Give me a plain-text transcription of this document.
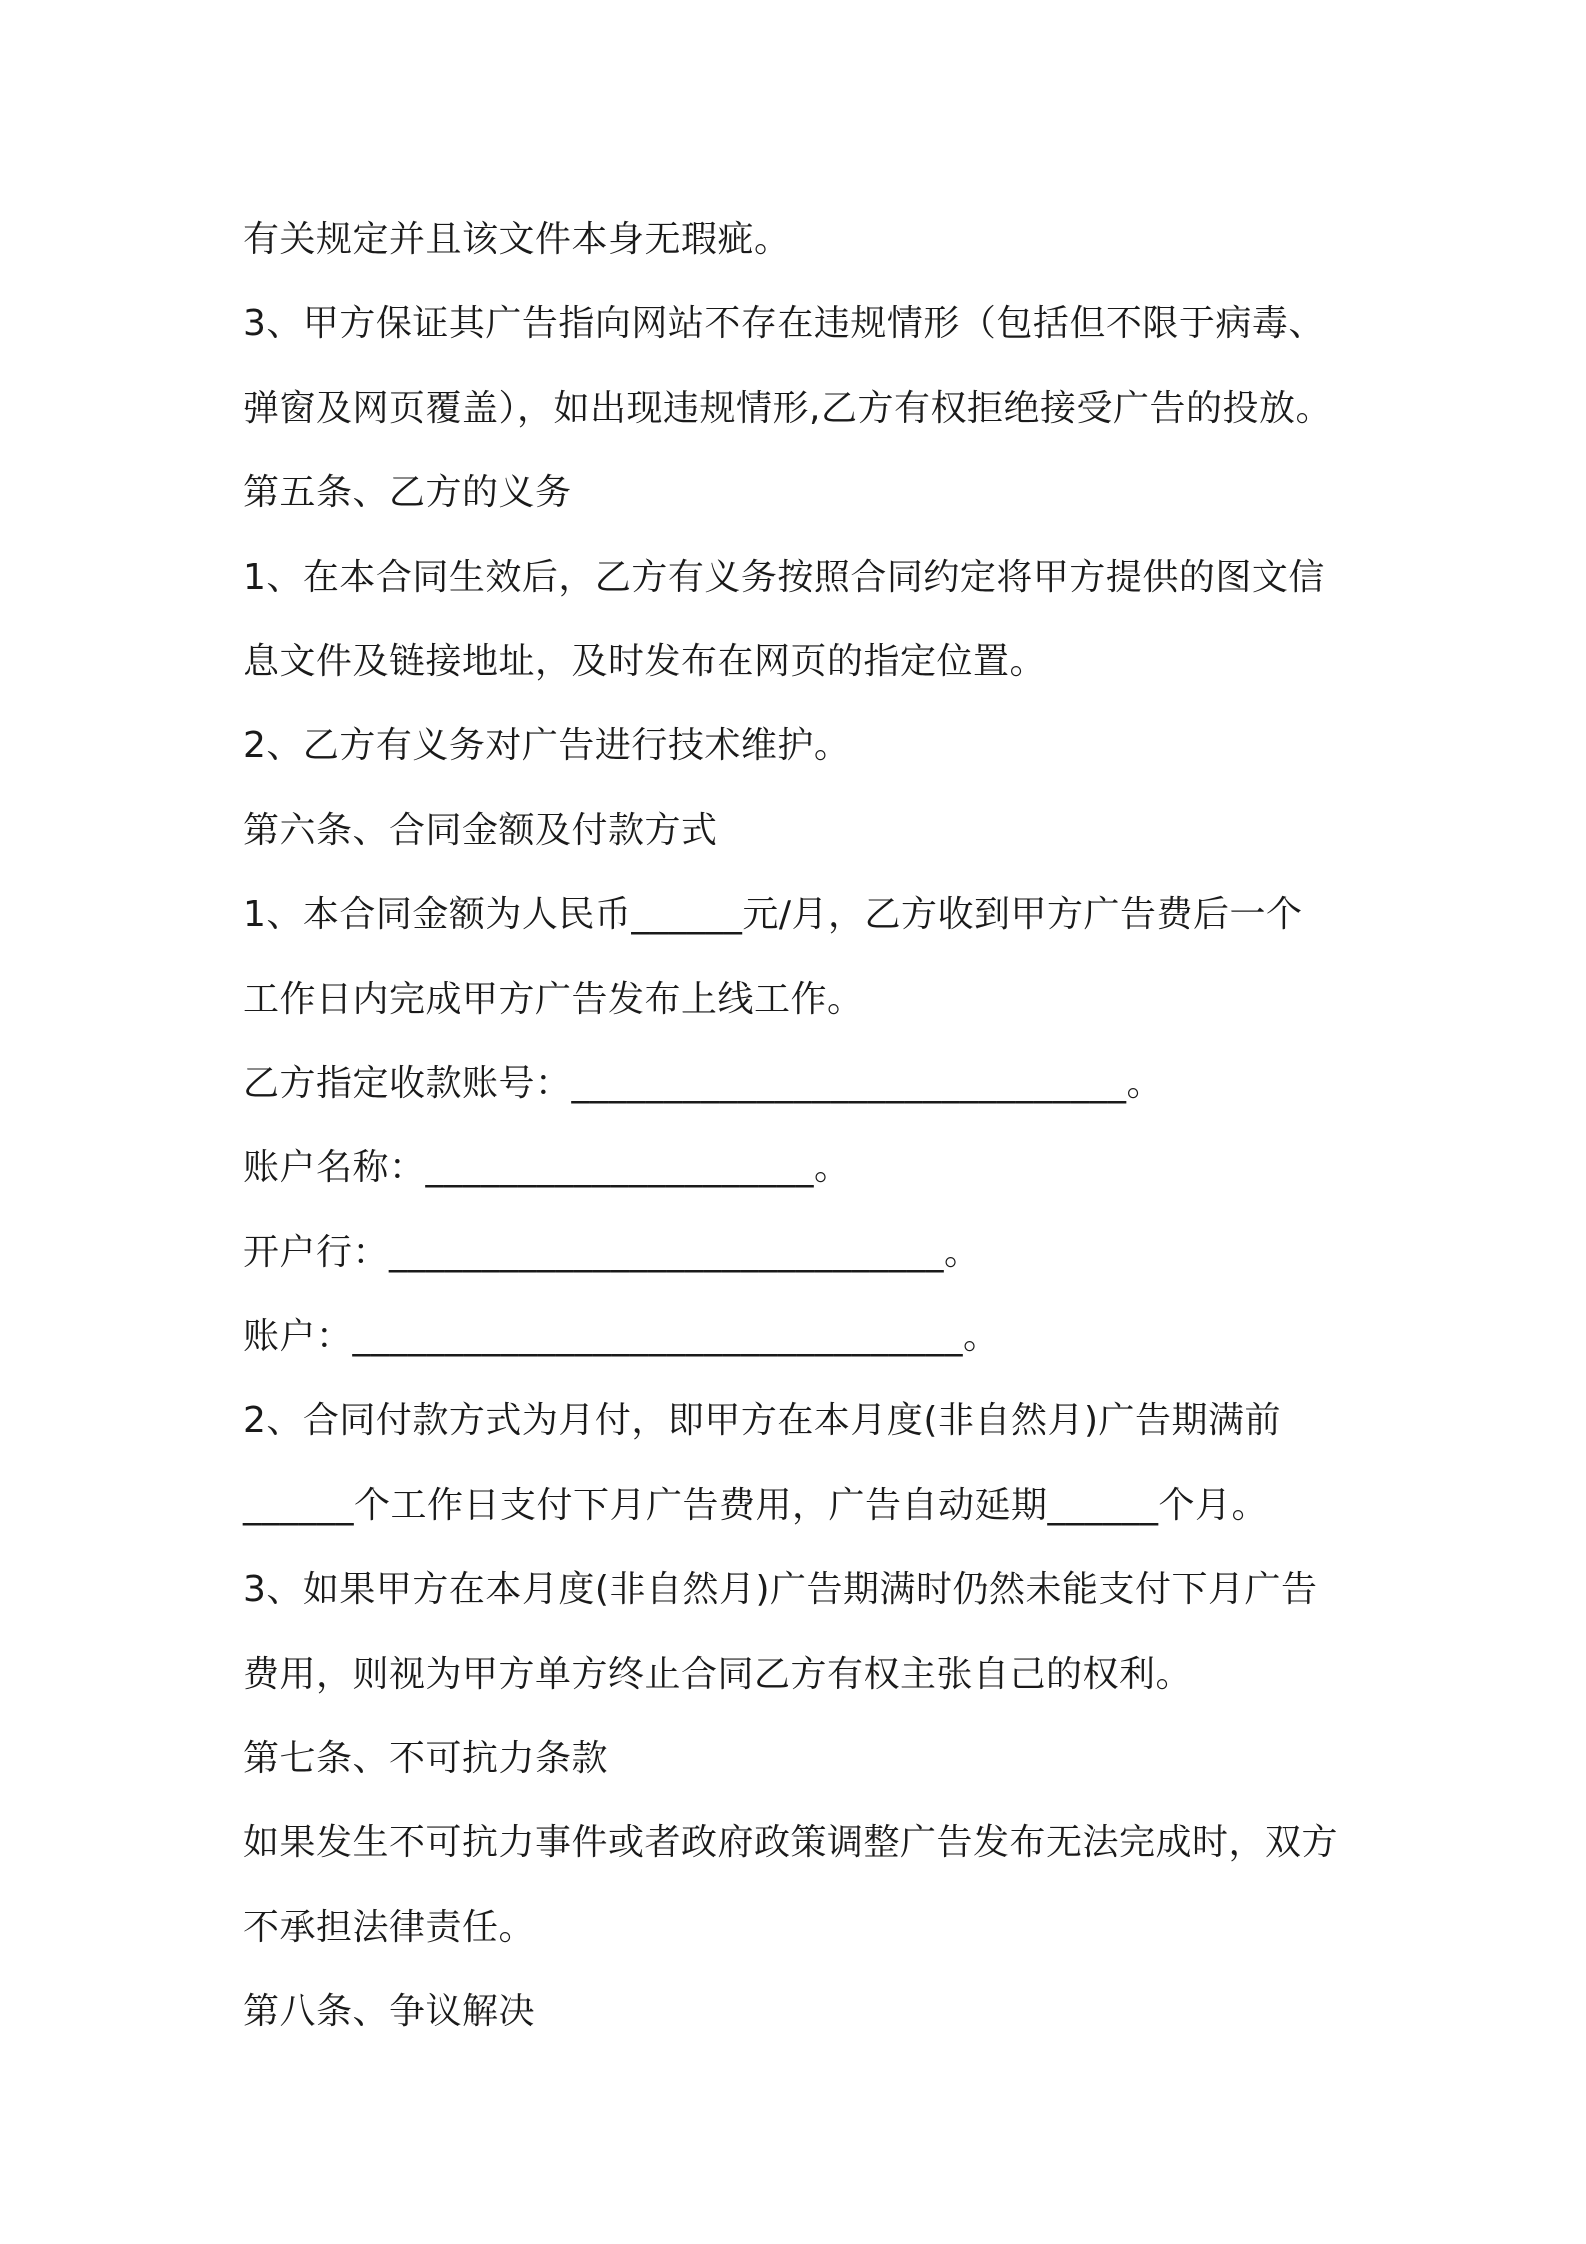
有关规定并且该文件本身无瑕疵。
3、甲方保证其广告指向网站不存在违规情形（包括但不限于病毒、
弹窗及网页覆盖），如出现违规情形,乙方有权拒绝接受广告的投放。
第五条、乙方的义务
1、在本合同生效后，乙方有义务按照合同约定将甲方提供的图文信
息文件及链接地址，及时发布在网页的指定位置。
2、乙方有义务对广告进行技术维护。
第六条、合同金额及付款方式
1、本合同金额为人民币______元/月，乙方收到甲方广告费后一个
工作日内完成甲方广告发布上线工作。
乙方指定收款账号：______________________________。
账户名称：_____________________。
开户行：______________________________。
账户：_________________________________。
2、合同付款方式为月付，即甲方在本月度(非自然月)广告期满前
______个工作日支付下月广告费用，广告自动延期______个月。
3、如果甲方在本月度(非自然月)广告期满时仍然未能支付下月广告
费用，则视为甲方单方终止合同乙方有权主张自己的权利。
第七条、不可抗力条款
如果发生不可抗力事件或者政府政策调整广告发布无法完成时，双方
不承担法律责任。
第八条、争议解决
